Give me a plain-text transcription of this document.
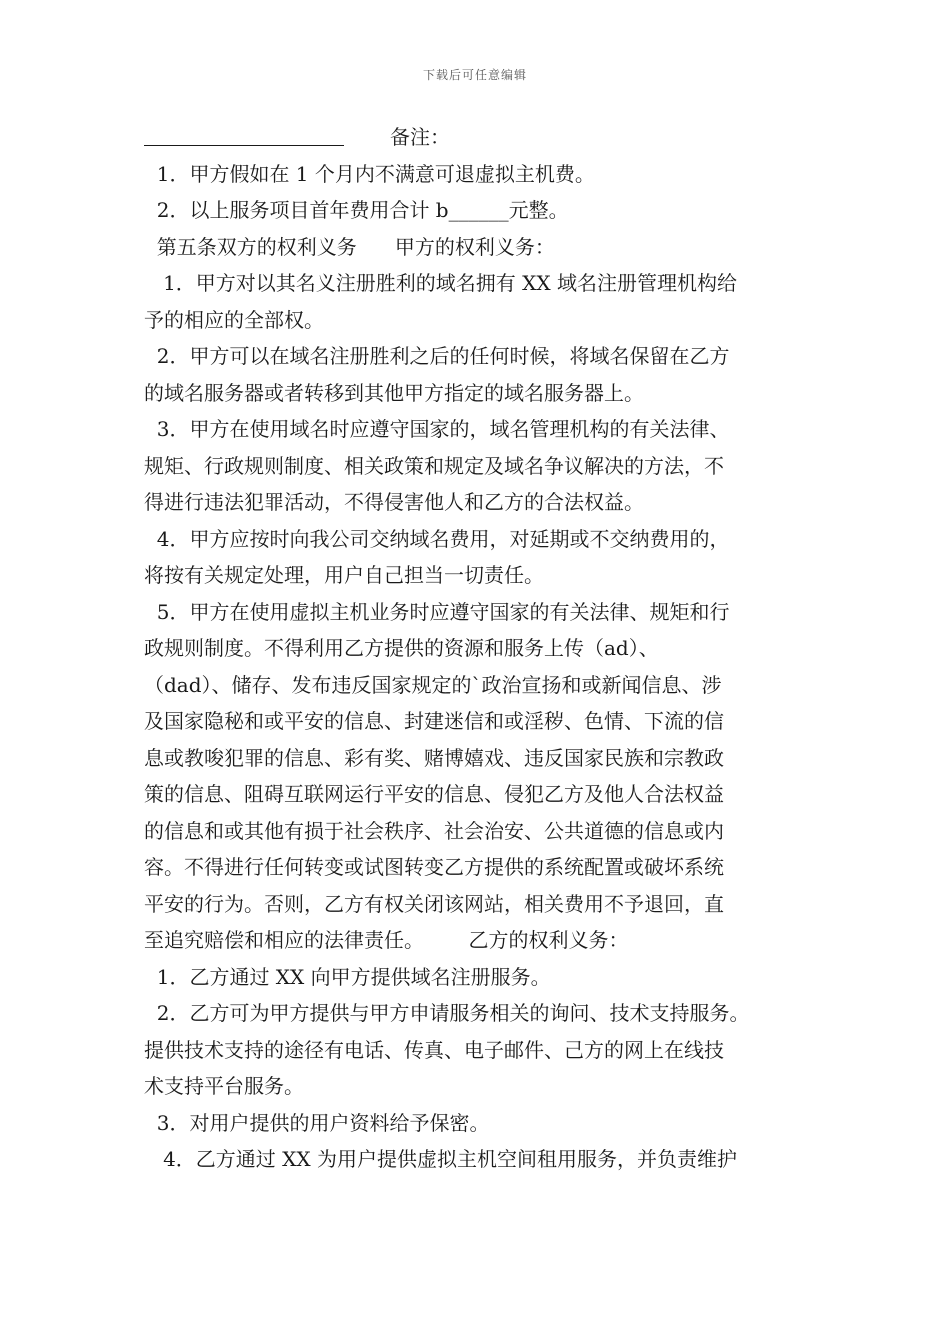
下载后可任意编辑
备注：
1．甲方假如在 1 个月内不满意可退虚拟主机费。
2．以上服务项目首年费用合计 b______元整。
第五条双方的权利义务      甲方的权利义务：
1．甲方对以其名义注册胜利的域名拥有 XX 域名注册管理机构给
予的相应的全部权。
2．甲方可以在域名注册胜利之后的任何时候，将域名保留在乙方
的域名服务器或者转移到其他甲方指定的域名服务器上。
3．甲方在使用域名时应遵守国家的，域名管理机构的有关法律、
规矩、行政规则制度、相关政策和规定及域名争议解决的方法，不
得进行违法犯罪活动，不得侵害他人和乙方的合法权益。
4．甲方应按时向我公司交纳域名费用，对延期或不交纳费用的，
将按有关规定处理，用户自己担当一切责任。
5．甲方在使用虚拟主机业务时应遵守国家的有关法律、规矩和行
政规则制度。不得利用乙方提供的资源和服务上传（ad）、
（dad）、储存、发布违反国家规定的`政治宣扬和或新闻信息、涉
及国家隐秘和或平安的信息、封建迷信和或淫秽、色情、下流的信
息或教唆犯罪的信息、彩有奖、赌博嬉戏、违反国家民族和宗教政
策的信息、阻碍互联网运行平安的信息、侵犯乙方及他人合法权益
的信息和或其他有损于社会秩序、社会治安、公共道德的信息或内
容。不得进行任何转变或试图转变乙方提供的系统配置或破坏系统
平安的行为。否则，乙方有权关闭该网站，相关费用不予退回，直
至追究赔偿和相应的法律责任。       乙方的权利义务：
1．乙方通过 XX 向甲方提供域名注册服务。
2．乙方可为甲方提供与甲方申请服务相关的询问、技术支持服务。
提供技术支持的途径有电话、传真、电子邮件、己方的网上在线技
术支持平台服务。
3．对用户提供的用户资料给予保密。
4．乙方通过 XX 为用户提供虚拟主机空间租用服务，并负责维护
